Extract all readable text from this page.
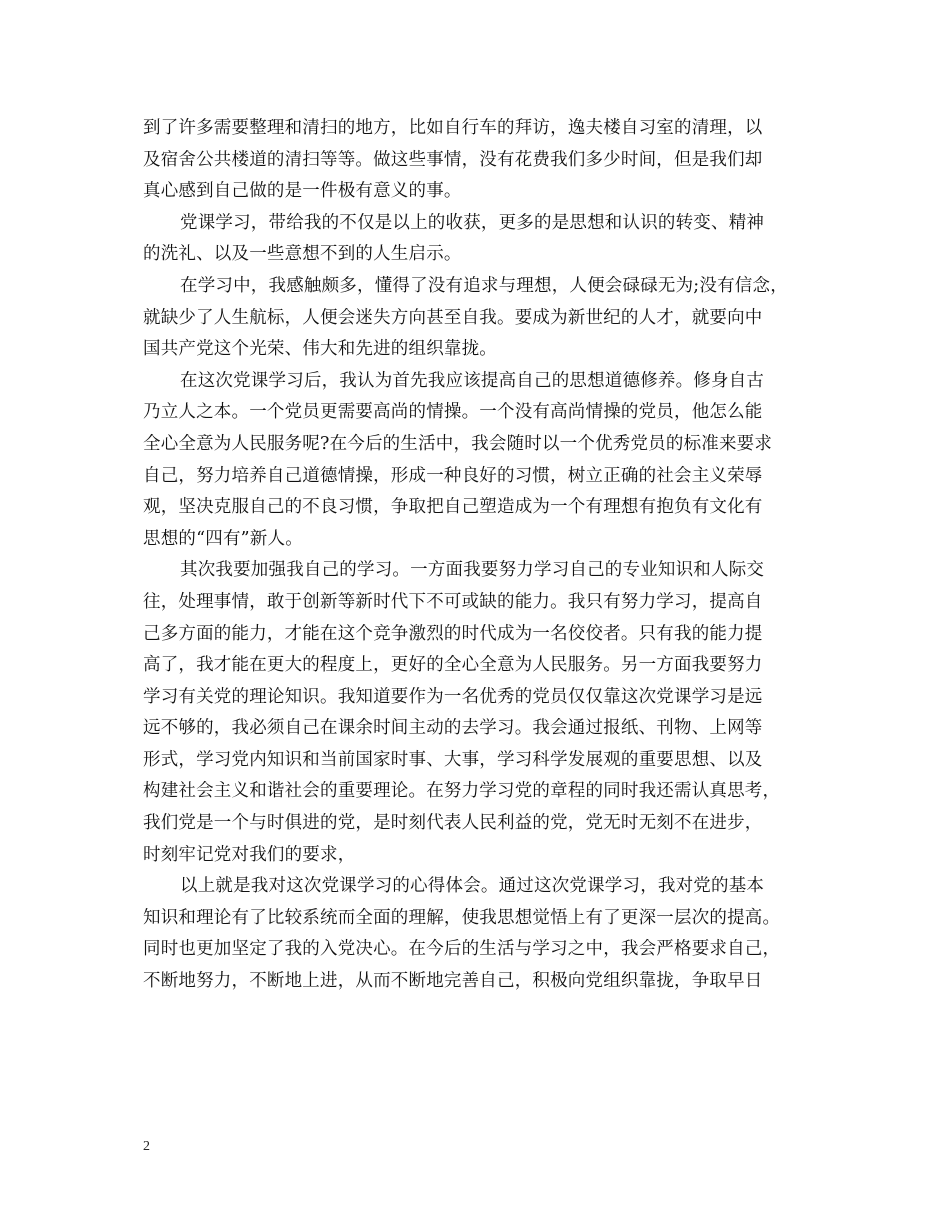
到了许多需要整理和清扫的地方，比如自行车的拜访，逸夫楼自习室的清理，以
及宿舍公共楼道的清扫等等。做这些事情，没有花费我们多少时间，但是我们却
真心感到自己做的是一件极有意义的事。
党课学习，带给我的不仅是以上的收获，更多的是思想和认识的转变、精神
的洗礼、以及一些意想不到的人生启示。
在学习中，我感触颇多，懂得了没有追求与理想，人便会碌碌无为;没有信念，
就缺少了人生航标，人便会迷失方向甚至自我。要成为新世纪的人才，就要向中
国共产党这个光荣、伟大和先进的组织靠拢。
在这次党课学习后，我认为首先我应该提高自己的思想道德修养。修身自古
乃立人之本。一个党员更需要高尚的情操。一个没有高尚情操的党员，他怎么能
全心全意为人民服务呢?在今后的生活中，我会随时以一个优秀党员的标准来要求
自己，努力培养自己道德情操，形成一种良好的习惯，树立正确的社会主义荣辱
观，坚决克服自己的不良习惯，争取把自己塑造成为一个有理想有抱负有文化有
思想的“四有”新人。
其次我要加强我自己的学习。一方面我要努力学习自己的专业知识和人际交
往，处理事情，敢于创新等新时代下不可或缺的能力。我只有努力学习，提高自
己多方面的能力，才能在这个竞争激烈的时代成为一名佼佼者。只有我的能力提
高了，我才能在更大的程度上，更好的全心全意为人民服务。另一方面我要努力
学习有关党的理论知识。我知道要作为一名优秀的党员仅仅靠这次党课学习是远
远不够的，我必须自己在课余时间主动的去学习。我会通过报纸、刊物、上网等
形式，学习党内知识和当前国家时事、大事，学习科学发展观的重要思想、以及
构建社会主义和谐社会的重要理论。在努力学习党的章程的同时我还需认真思考，
我们党是一个与时俱进的党，是时刻代表人民利益的党，党无时无刻不在进步，
时刻牢记党对我们的要求，
以上就是我对这次党课学习的心得体会。通过这次党课学习，我对党的基本
知识和理论有了比较系统而全面的理解，使我思想觉悟上有了更深一层次的提高。
同时也更加坚定了我的入党决心。在今后的生活与学习之中，我会严格要求自己，
不断地努力，不断地上进，从而不断地完善自己，积极向党组织靠拢，争取早日
2
